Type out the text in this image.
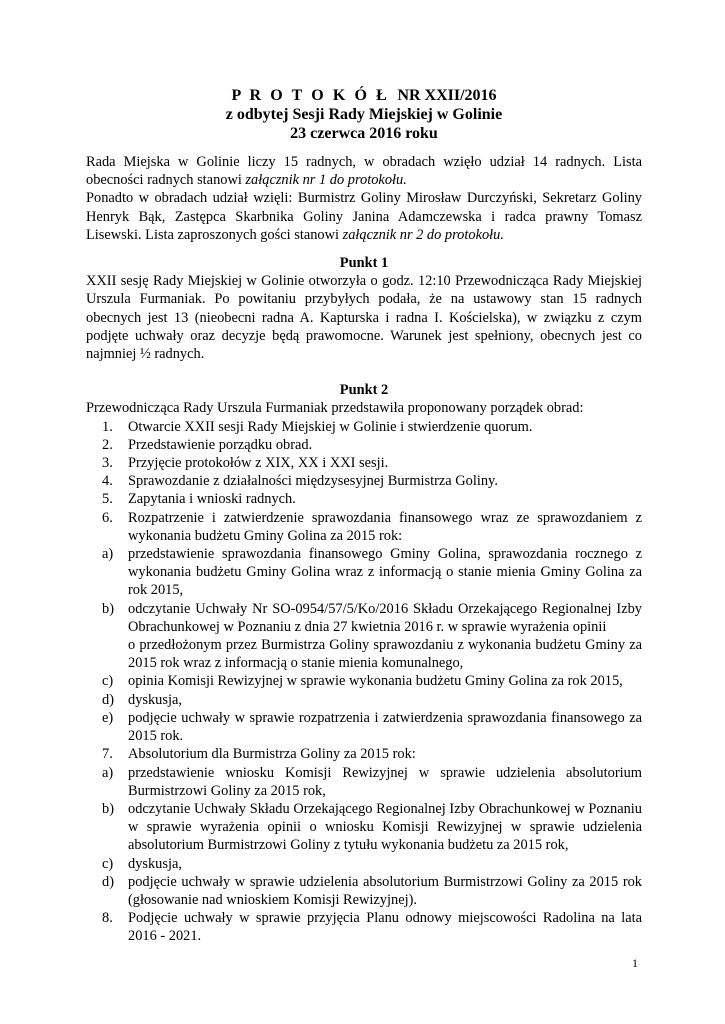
P R O T O K Ó Ł NR XXII/2016
z odbytej Sesji Rady Miejskiej w Golinie
23 czerwca 2016 roku

Rada Miejska w Golinie liczy 15 radnych, w obradach wzięło udział 14 radnych. Lista obecności radnych stanowi załącznik nr 1 do protokołu.

Ponadto w obradach udział wzięli: Burmistrz Goliny Mirosław Durczyński, Sekretarz Goliny Henryk Bąk, Zastępca Skarbnika Goliny Janina Adamczewska i radca prawny Tomasz Lisewski. Lista zaproszonych gości stanowi załącznik nr 2 do protokołu.

Punkt 1

XXII sesję Rady Miejskiej w Golinie otworzyła o godz. 12:10 Przewodnicząca Rady Miejskiej Urszula Furmaniak. Po powitaniu przybyłych podała, że na ustawowy stan 15 radnych obecnych jest 13 (nieobecni radna A. Kapturska i radna I. Kościelska), w związku z czym podjęte uchwały oraz decyzje będą prawomocne. Warunek jest spełniony, obecnych jest co najmniej ½ radnych.

Punkt 2

Przewodnicząca Rady Urszula Furmaniak przedstawiła proponowany porządek obrad:

1. Otwarcie XXII sesji Rady Miejskiej w Golinie i stwierdzenie quorum.
2. Przedstawienie porządku obrad.
3. Przyjęcie protokołów z XIX, XX i XXI sesji.
4. Sprawozdanie z działalności międzysesyjnej Burmistrza Goliny.
5. Zapytania i wnioski radnych.
6. Rozpatrzenie i zatwierdzenie sprawozdania finansowego wraz ze sprawozdaniem z wykonania budżetu Gminy Golina za 2015 rok:
a) przedstawienie sprawozdania finansowego Gminy Golina, sprawozdania rocznego z wykonania budżetu Gminy Golina wraz z informacją o stanie mienia Gminy Golina za rok 2015,
b) odczytanie Uchwały Nr SO-0954/57/5/Ko/2016 Składu Orzekającego Regionalnej Izby Obrachunkowej w Poznaniu z dnia 27 kwietnia 2016 r. w sprawie wyrażenia opinii
o przedłożonym przez Burmistrza Goliny sprawozdaniu z wykonania budżetu Gminy za 2015 rok wraz z informacją o stanie mienia komunalnego,
c) opinia Komisji Rewizyjnej w sprawie wykonania budżetu Gminy Golina za rok 2015,
d) dyskusja,
e) podjęcie uchwały w sprawie rozpatrzenia i zatwierdzenia sprawozdania finansowego za 2015 rok.
7. Absolutorium dla Burmistrza Goliny za 2015 rok:
a) przedstawienie wniosku Komisji Rewizyjnej w sprawie udzielenia absolutorium Burmistrzowi Goliny za 2015 rok,
b) odczytanie Uchwały Składu Orzekającego Regionalnej Izby Obrachunkowej w Poznaniu w sprawie wyrażenia opinii o wniosku Komisji Rewizyjnej w sprawie udzielenia absolutorium Burmistrzowi Goliny z tytułu wykonania budżetu za 2015 rok,
c) dyskusja,
d) podjęcie uchwały w sprawie udzielenia absolutorium Burmistrzowi Goliny za 2015 rok (głosowanie nad wnioskiem Komisji Rewizyjnej).
8. Podjęcie uchwały w sprawie przyjęcia Planu odnowy miejscowości Radolina na lata 2016 - 2021.
1
